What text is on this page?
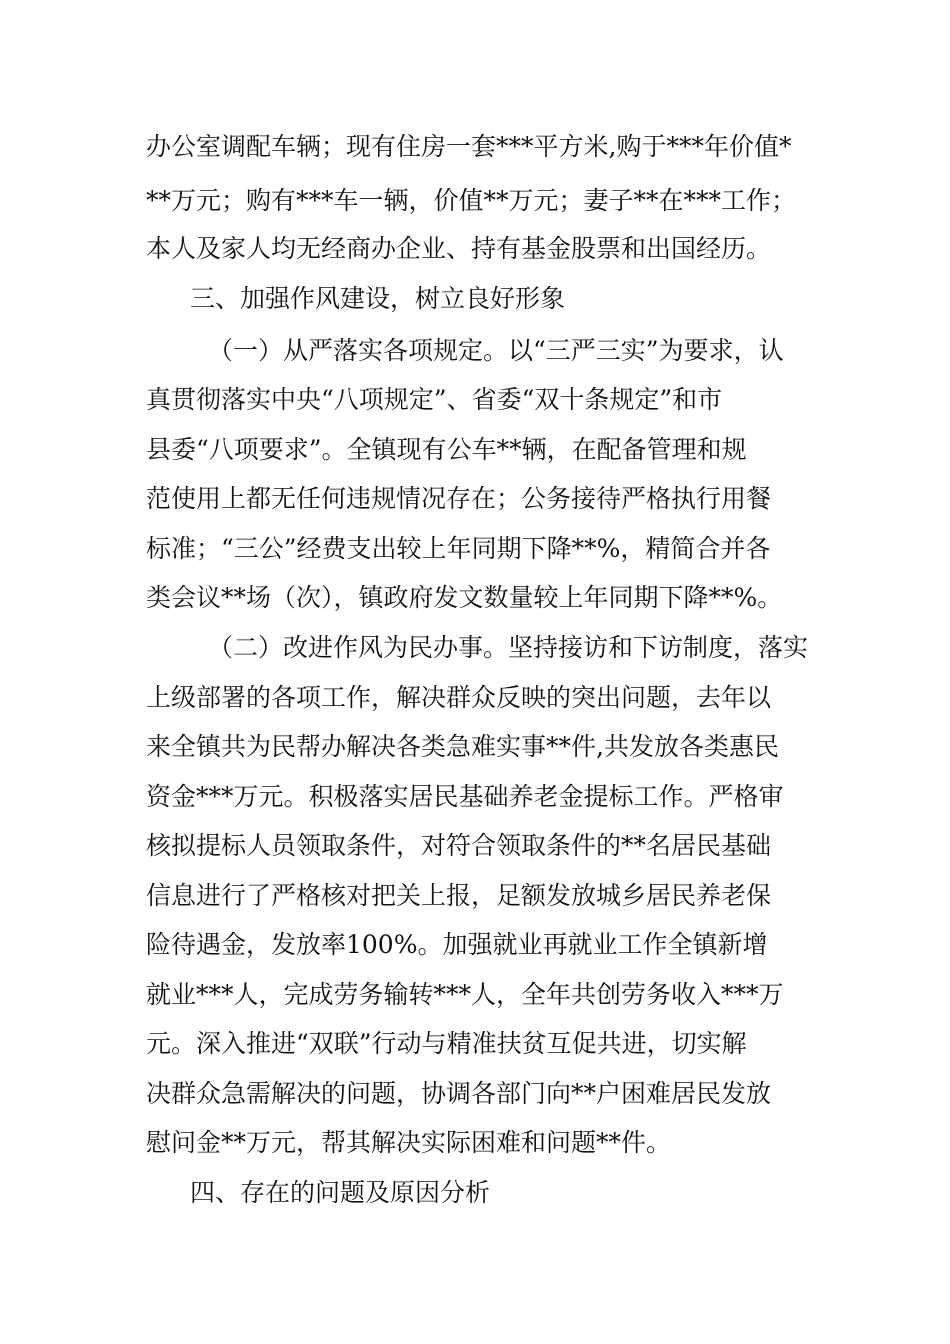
办公室调配车辆；现有住房一套***平方米,购于***年价值*
**万元；购有***车一辆，价值**万元；妻子**在***工作；
本人及家人均无经商办企业、持有基金股票和出国经历。
三、加强作风建设，树立良好形象
（一）从严落实各项规定。以“三严三实”为要求，认
真贯彻落实中央“八项规定”、省委“双十条规定”和市
县委“八项要求”。全镇现有公车**辆，在配备管理和规
范使用上都无任何违规情况存在；公务接待严格执行用餐
标准；“三公”经费支出较上年同期下降**%，精简合并各
类会议**场（次），镇政府发文数量较上年同期下降**%。
（二）改进作风为民办事。坚持接访和下访制度，落实
上级部署的各项工作，解决群众反映的突出问题，去年以
来全镇共为民帮办解决各类急难实事**件,共发放各类惠民
资金***万元。积极落实居民基础养老金提标工作。严格审
核拟提标人员领取条件，对符合领取条件的**名居民基础
信息进行了严格核对把关上报，足额发放城乡居民养老保
险待遇金，发放率100%。加强就业再就业工作全镇新增
就业***人，完成劳务输转***人，全年共创劳务收入***万
元。深入推进“双联”行动与精准扶贫互促共进，切实解
决群众急需解决的问题，协调各部门向**户困难居民发放
慰问金**万元，帮其解决实际困难和问题**件。
四、存在的问题及原因分析
